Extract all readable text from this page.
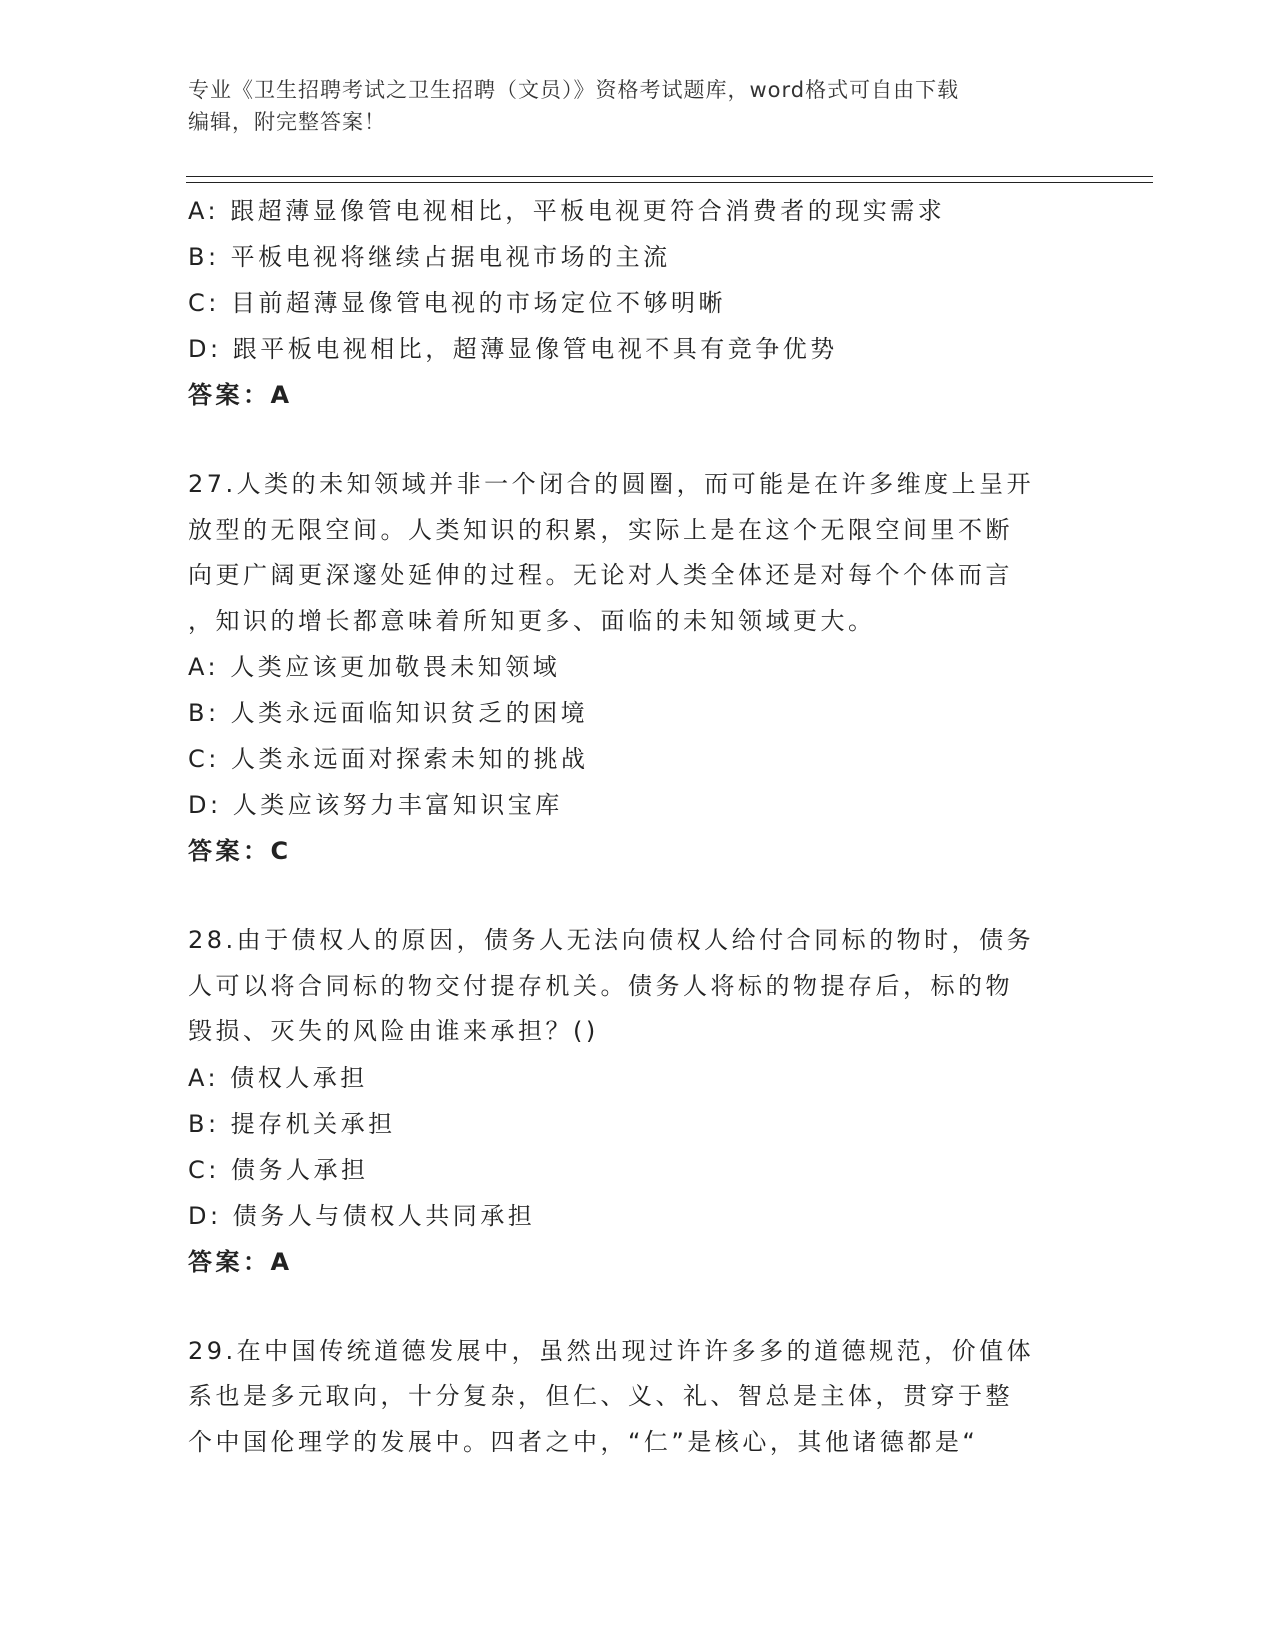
专业《卫生招聘考试之卫生招聘（文员）》资格考试题库，word格式可自由下载
编辑，附完整答案！
A: 跟超薄显像管电视相比，平板电视更符合消费者的现实需求
B: 平板电视将继续占据电视市场的主流
C: 目前超薄显像管电视的市场定位不够明晰
D: 跟平板电视相比，超薄显像管电视不具有竞争优势
答案：A
27.人类的未知领域并非一个闭合的圆圈，而可能是在许多维度上呈开
放型的无限空间。人类知识的积累，实际上是在这个无限空间里不断
向更广阔更深邃处延伸的过程。无论对人类全体还是对每个个体而言
，知识的增长都意味着所知更多、面临的未知领域更大。
A: 人类应该更加敬畏未知领域
B: 人类永远面临知识贫乏的困境
C: 人类永远面对探索未知的挑战
D: 人类应该努力丰富知识宝库
答案：C
28.由于债权人的原因，债务人无法向债权人给付合同标的物时，债务
人可以将合同标的物交付提存机关。债务人将标的物提存后，标的物
毁损、灭失的风险由谁来承担？()
A: 债权人承担
B: 提存机关承担
C: 债务人承担
D: 债务人与债权人共同承担
答案：A
29.在中国传统道德发展中，虽然出现过许许多多的道德规范，价值体
系也是多元取向，十分复杂，但仁、义、礼、智总是主体，贯穿于整
个中国伦理学的发展中。四者之中，“仁”是核心，其他诸德都是“
